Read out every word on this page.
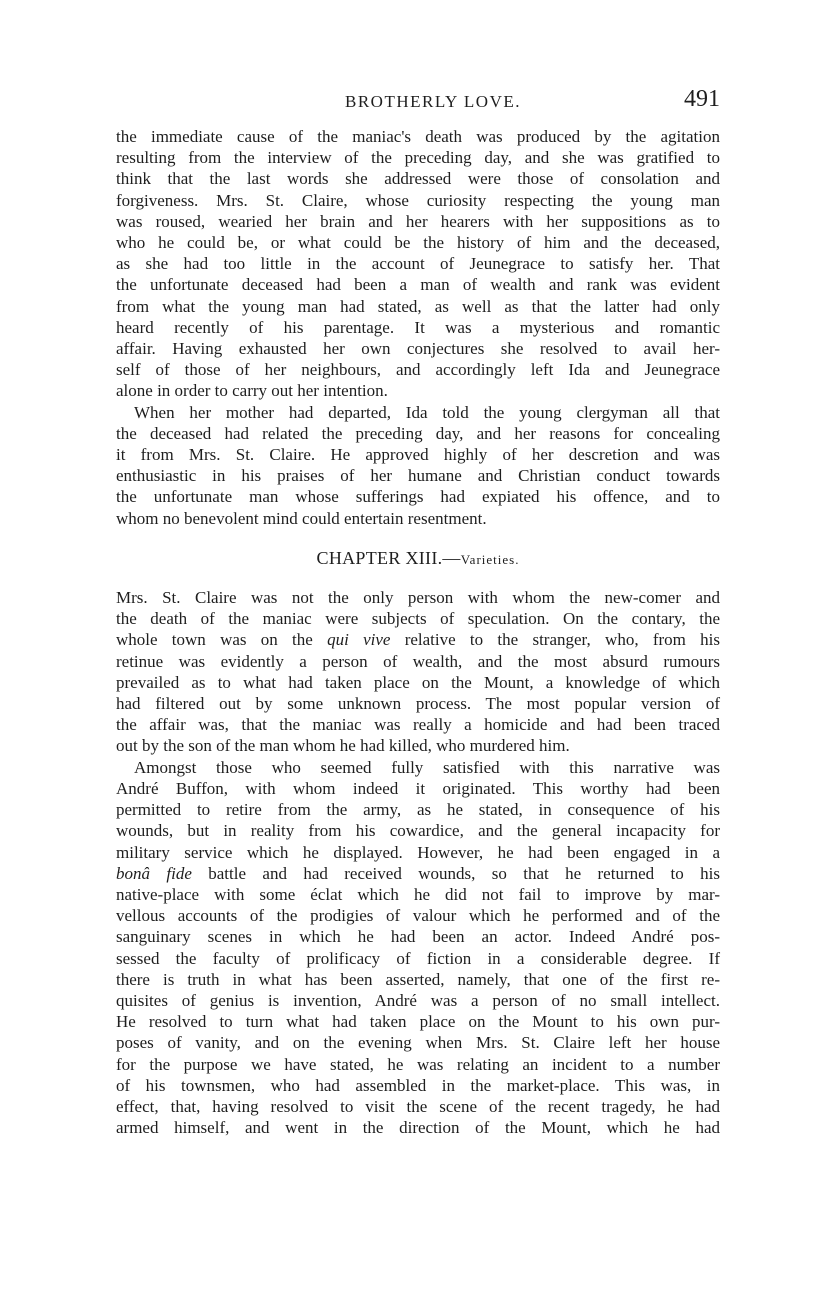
BROTHERLY LOVE.	491
the immediate cause of the maniac's death was produced by the agitation
resulting from the interview of the preceding day, and she was gratified to
think that the last words she addressed were those of consolation and
forgiveness. Mrs. St. Claire, whose curiosity respecting the young man
was roused, wearied her brain and her hearers with her suppositions as to
who he could be, or what could be the history of him and the deceased,
as she had too little in the account of Jeunegrace to satisfy her. That
the unfortunate deceased had been a man of wealth and rank was evident
from what the young man had stated, as well as that the latter had only
heard recently of his parentage. It was a mysterious and romantic
affair. Having exhausted her own conjectures she resolved to avail her-
self of those of her neighbours, and accordingly left Ida and Jeunegrace
alone in order to carry out her intention.
When her mother had departed, Ida told the young clergyman all that
the deceased had related the preceding day, and her reasons for concealing
it from Mrs. St. Claire. He approved highly of her descretion and was
enthusiastic in his praises of her humane and Christian conduct towards
the unfortunate man whose sufferings had expiated his offence, and to
whom no benevolent mind could entertain resentment.
CHAPTER XIII.—Varieties.
Mrs. St. Claire was not the only person with whom the new-comer and
the death of the maniac were subjects of speculation. On the contary, the
whole town was on the qui vive relative to the stranger, who, from his
retinue was evidently a person of wealth, and the most absurd rumours
prevailed as to what had taken place on the Mount, a knowledge of which
had filtered out by some unknown process. The most popular version of
the affair was, that the maniac was really a homicide and had been traced
out by the son of the man whom he had killed, who murdered him.
Amongst those who seemed fully satisfied with this narrative was
André Buffon, with whom indeed it originated. This worthy had been
permitted to retire from the army, as he stated, in consequence of his
wounds, but in reality from his cowardice, and the general incapacity for
military service which he displayed. However, he had been engaged in a
bonâ fide battle and had received wounds, so that he returned to his
native-place with some éclat which he did not fail to improve by mar-
vellous accounts of the prodigies of valour which he performed and of the
sanguinary scenes in which he had been an actor. Indeed André pos-
sessed the faculty of prolificacy of fiction in a considerable degree. If
there is truth in what has been asserted, namely, that one of the first re-
quisites of genius is invention, André was a person of no small intellect.
He resolved to turn what had taken place on the Mount to his own pur-
poses of vanity, and on the evening when Mrs. St. Claire left her house
for the purpose we have stated, he was relating an incident to a number
of his townsmen, who had assembled in the market-place. This was, in
effect, that, having resolved to visit the scene of the recent tragedy, he had
armed himself, and went in the direction of the Mount, which he had
